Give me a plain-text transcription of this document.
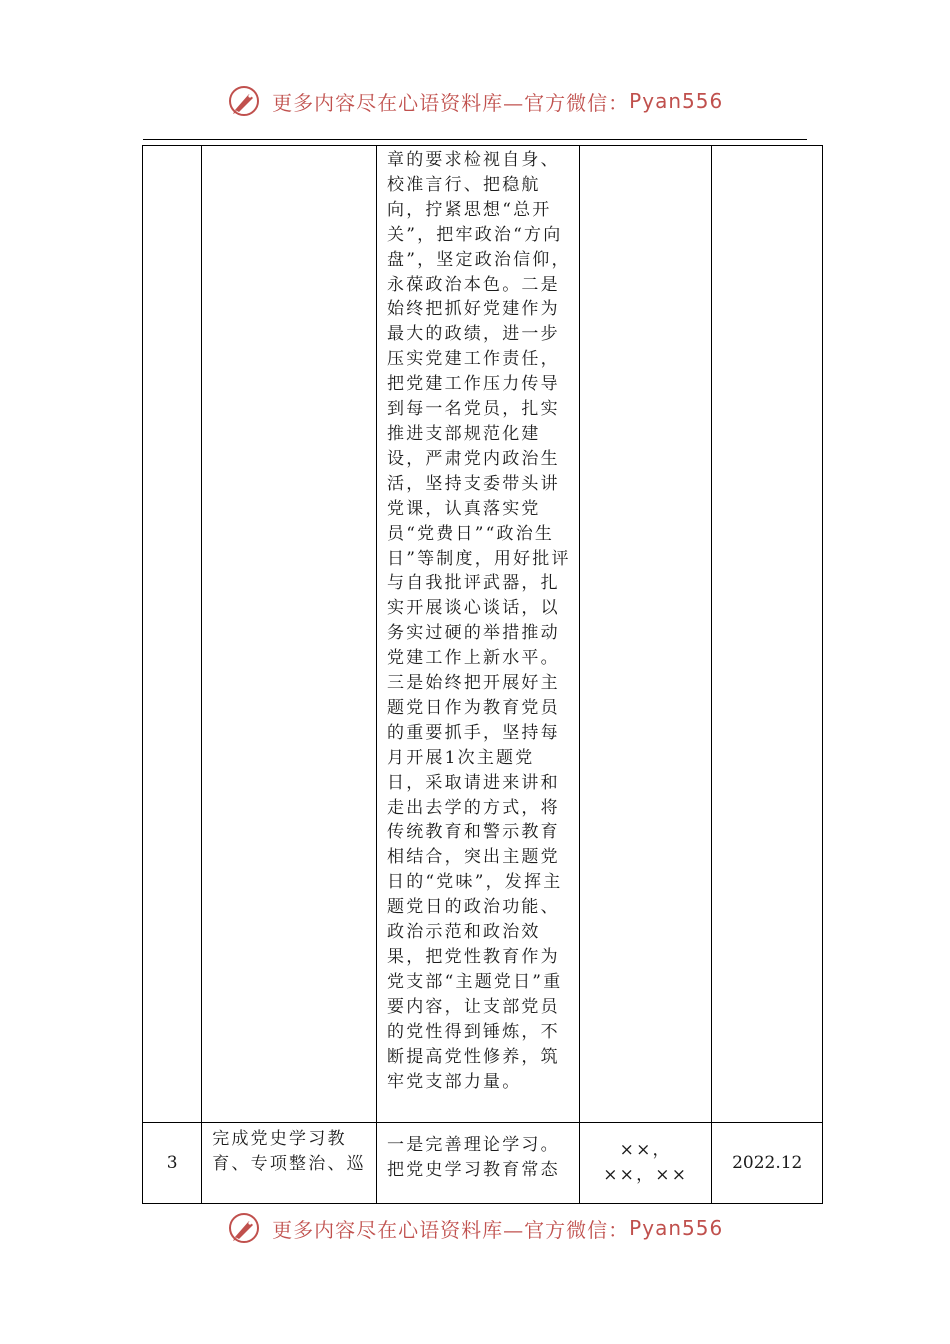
更多内容尽在心语资料库—官方微信：Pyan556
		章的要求检视自身、校准言行、把稳航向，拧紧思想“总开关”，把牢政治“方向盘”，坚定政治信仰，永葆政治本色。二是始终把抓好党建作为最大的政绩，进一步压实党建工作责任，把党建工作压力传导到每一名党员，扎实推进支部规范化建设，严肃党内政治生活，坚持支委带头讲党课，认真落实党员“党费日”“政治生日”等制度，用好批评与自我批评武器，扎实开展谈心谈话，以务实过硬的举措推动党建工作上新水平。三是始终把开展好主题党日作为教育党员的重要抓手，坚持每月开展1次主题党日，采取请进来讲和走出去学的方式，将传统教育和警示教育相结合，突出主题党日的“党味”，发挥主题党日的政治功能、政治示范和政治效果，把党性教育作为党支部“主题党日”重要内容，让支部党员的党性得到锤炼，不断提高党性修养，筑牢党支部力量。		
3	完成党史学习教育、专项整治、巡	一是完善理论学习。把党史学习教育常态	××，××，××	2022.12
更多内容尽在心语资料库—官方微信：Pyan556
